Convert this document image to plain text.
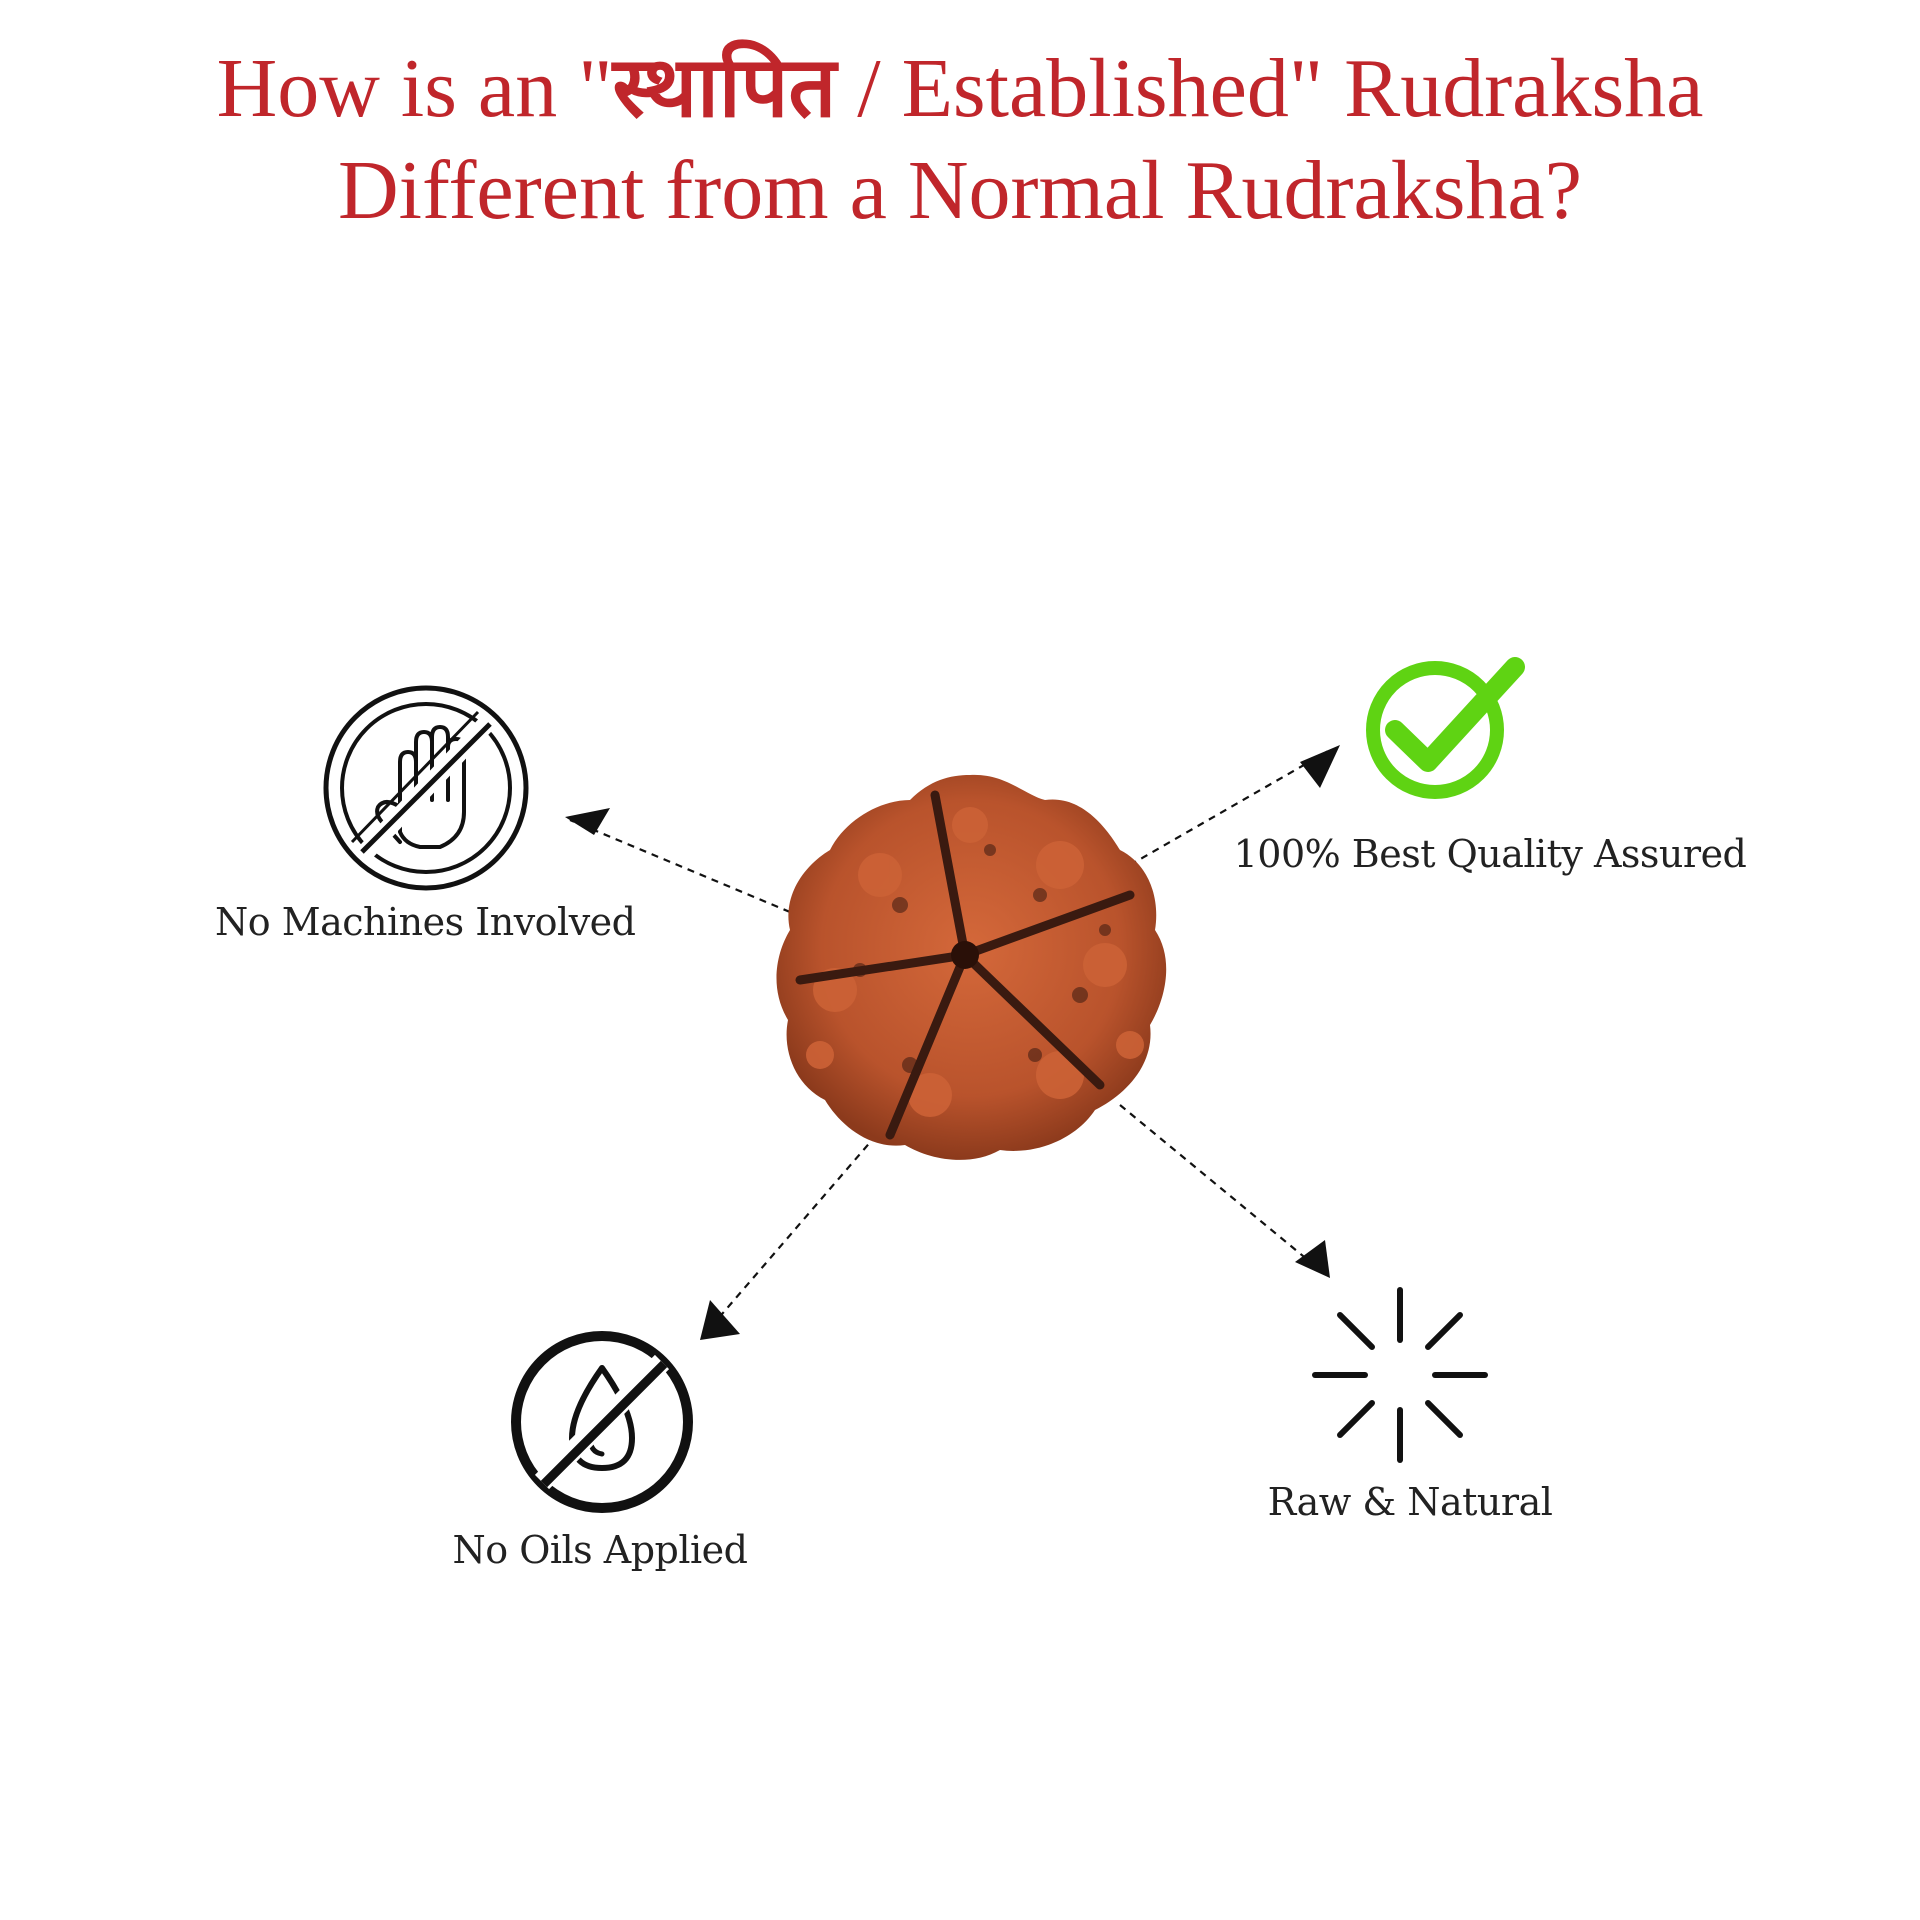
How is an "स्थापित / Established" Rudraksha
Different from a Normal Rudraksha?
No Machines Involved
100% Best Quality Assured
No Oils Applied
Raw & Natural
